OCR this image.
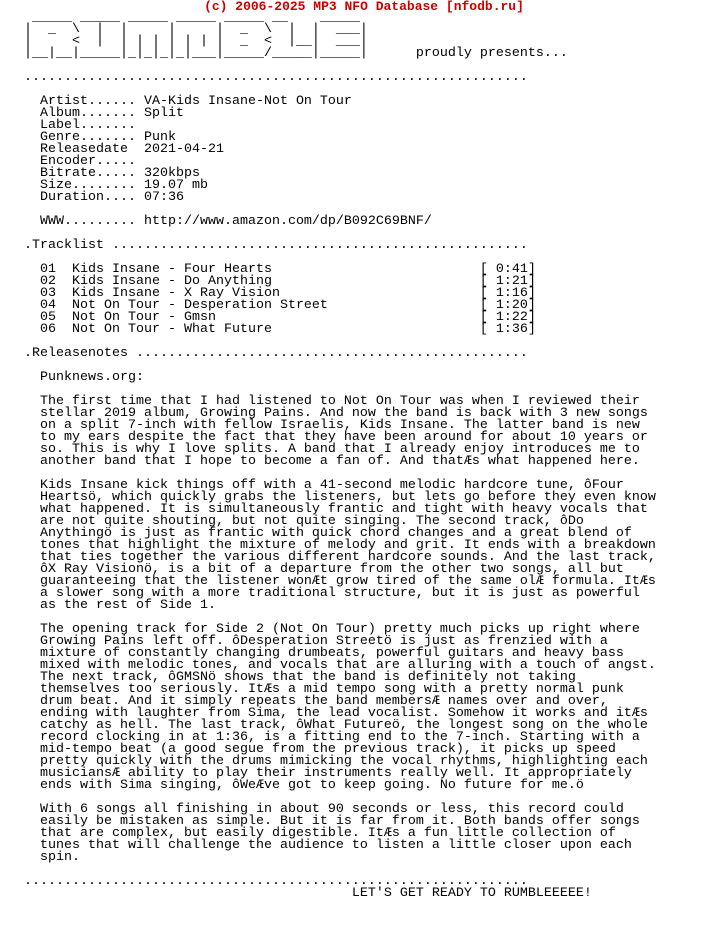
(c) 2006-2025 MP3 NFO Database [nfodb.ru]
_____ _____ _____ _____ _____ __    _____
|  _  \  |  |     |     |  _  \  |  |  ___|
|     <  |  | | | | | | |  _  <  |__|  ___|
|__|__|_____|_|_|_|_|___|_____/_____|_____|      proudly presents...
...............................................................
Artist...... VA-Kids Insane-Not On Tour
Album....... Split
Label.......
Genre....... Punk
Releasedate  2021-04-21
Encoder.....
Bitrate..... 320kbps
Size........ 19.07 mb
Duration.... 07:36
WWW......... http://www.amazon.com/dp/B092C69BNF/
.Tracklist ....................................................
01  Kids Insane - Four Hearts                          [ 0:41]
02  Kids Insane - Do Anything                          [ 1:21]
03  Kids Insane - X Ray Vision                         [ 1:16]
04  Not On Tour - Desperation Street                   [ 1:20]
05  Not On Tour - Gmsn                                 [ 1:22]
06  Not On Tour - What Future                          [ 1:36]
.Releasenotes .................................................
Punknews.org:
The first time that I had listened to Not On Tour was when I reviewed their
stellar 2019 album, Growing Pains. And now the band is back with 3 new songs
on a split 7-inch with fellow Israelis, Kids Insane. The latter band is new
to my ears despite the fact that they have been around for about 10 years or
so. This is why I love splits. A band that I already enjoy introduces me to
another band that I hope to become a fan of. And thatÆs what happened here.
Kids Insane kick things off with a 41-second melodic hardcore tune, ôFour
Heartsö, which quickly grabs the listeners, but lets go before they even know
what happened. It is simultaneously frantic and tight with heavy vocals that
are not quite shouting, but not quite singing. The second track, ôDo
Anythingö is just as frantic with quick chord changes and a great blend of
tones that highlight the mixture of melody and grit. It ends with a breakdown
that ties together the various different hardcore sounds. And the last track,
ôX Ray Visionö, is a bit of a departure from the other two songs, all but
guaranteeing that the listener wonÆt grow tired of the same olÆ formula. ItÆs
a slower song with a more traditional structure, but it is just as powerful
as the rest of Side 1.
The opening track for Side 2 (Not On Tour) pretty much picks up right where
Growing Pains left off. ôDesperation Streetö is just as frenzied with a
mixture of constantly changing drumbeats, powerful guitars and heavy bass
mixed with melodic tones, and vocals that are alluring with a touch of angst.
The next track, ôGMSNö shows that the band is definitely not taking
themselves too seriously. ItÆs a mid tempo song with a pretty normal punk
drum beat. And it simply repeats the band membersÆ names over and over,
ending with laughter from Sima, the lead vocalist. Somehow it works and itÆs
catchy as hell. The last track, ôWhat Futureö, the longest song on the whole
record clocking in at 1:36, is a fitting end to the 7-inch. Starting with a
mid-tempo beat (a good segue from the previous track), it picks up speed
pretty quickly with the drums mimicking the vocal rhythms, highlighting each
musiciansÆ ability to play their instruments really well. It appropriately
ends with Sima singing, ôWeÆve got to keep going. No future for me.ö
With 6 songs all finishing in about 90 seconds or less, this record could
easily be mistaken as simple. But it is far from it. Both bands offer songs
that are complex, but easily digestible. ItÆs a fun little collection of
tunes that will challenge the audience to listen a little closer upon each
spin.
...............................................................
LET'S GET READY TO RUMBLEEEEE!
